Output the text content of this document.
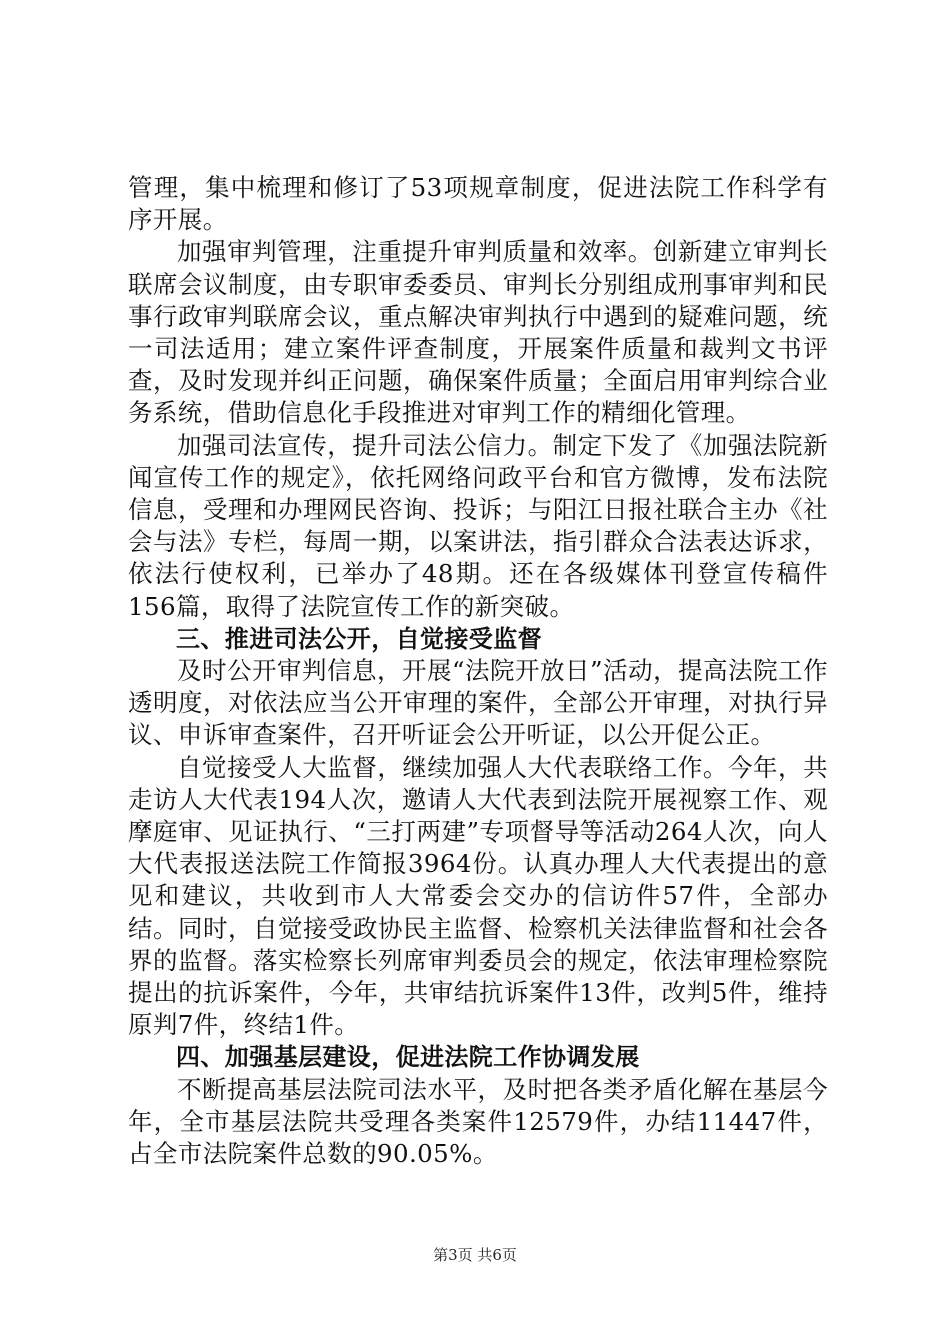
管理，集中梳理和修订了53项规章制度，促进法院工作科学有序开展。

加强审判管理，注重提升审判质量和效率。创新建立审判长联席会议制度，由专职审委委员、审判长分别组成刑事审判和民事行政审判联席会议，重点解决审判执行中遇到的疑难问题，统一司法适用；建立案件评查制度，开展案件质量和裁判文书评查，及时发现并纠正问题，确保案件质量；全面启用审判综合业务系统，借助信息化手段推进对审判工作的精细化管理。

加强司法宣传，提升司法公信力。制定下发了《加强法院新闻宣传工作的规定》，依托网络问政平台和官方微博，发布法院信息，受理和办理网民咨询、投诉；与阳江日报社联合主办《社会与法》专栏，每周一期，以案讲法，指引群众合法表达诉求，依法行使权利，已举办了48期。还在各级媒体刊登宣传稿件156篇，取得了法院宣传工作的新突破。

三、推进司法公开，自觉接受监督

及时公开审判信息，开展“法院开放日”活动，提高法院工作透明度，对依法应当公开审理的案件，全部公开审理，对执行异议、申诉审查案件，召开听证会公开听证，以公开促公正。

自觉接受人大监督，继续加强人大代表联络工作。今年，共走访人大代表194人次，邀请人大代表到法院开展视察工作、观摩庭审、见证执行、“三打两建”专项督导等活动264人次，向人大代表报送法院工作简报3964份。认真办理人大代表提出的意见和建议，共收到市人大常委会交办的信访件57件，全部办结。同时，自觉接受政协民主监督、检察机关法律监督和社会各界的监督。落实检察长列席审判委员会的规定，依法审理检察院提出的抗诉案件，今年，共审结抗诉案件13件，改判5件，维持原判7件，终结1件。

四、加强基层建设，促进法院工作协调发展

不断提高基层法院司法水平，及时把各类矛盾化解在基层今年，全市基层法院共受理各类案件12579件，办结11447件，占全市法院案件总数的90.05%。

第3页 共6页
